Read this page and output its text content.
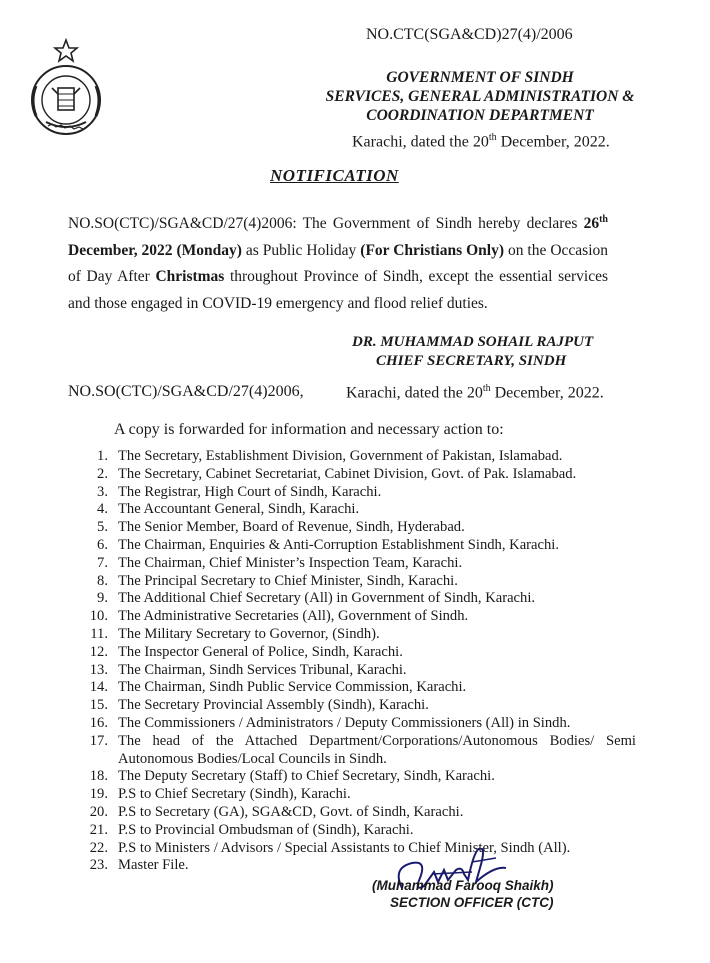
NO.CTC(SGA&CD)27(4)/2006
GOVERNMENT OF SINDH
SERVICES, GENERAL ADMINISTRATION &
COORDINATION DEPARTMENT
Karachi, dated the 20th December, 2022.
NOTIFICATION
NO.SO(CTC)/SGA&CD/27(4)2006: The Government of Sindh hereby declares 26th December, 2022 (Monday) as Public Holiday (For Christians Only) on the Occasion of Day After Christmas throughout Province of Sindh, except the essential services and those engaged in COVID-19 emergency and flood relief duties.
DR. MUHAMMAD SOHAIL RAJPUT
CHIEF SECRETARY, SINDH
NO.SO(CTC)/SGA&CD/27(4)2006,	Karachi, dated the 20th December, 2022.
A copy is forwarded for information and necessary action to:
1. The Secretary, Establishment Division, Government of Pakistan, Islamabad.
2. The Secretary, Cabinet Secretariat, Cabinet Division, Govt. of Pak. Islamabad.
3. The Registrar, High Court of Sindh, Karachi.
4. The Accountant General, Sindh, Karachi.
5. The Senior Member, Board of Revenue, Sindh, Hyderabad.
6. The Chairman, Enquiries & Anti-Corruption Establishment Sindh, Karachi.
7. The Chairman, Chief Minister’s Inspection Team, Karachi.
8. The Principal Secretary to Chief Minister, Sindh, Karachi.
9. The Additional Chief Secretary (All) in Government of Sindh, Karachi.
10. The Administrative Secretaries (All), Government of Sindh.
11. The Military Secretary to Governor, (Sindh).
12. The Inspector General of Police, Sindh, Karachi.
13. The Chairman, Sindh Services Tribunal, Karachi.
14. The Chairman, Sindh Public Service Commission, Karachi.
15. The Secretary Provincial Assembly (Sindh), Karachi.
16. The Commissioners / Administrators / Deputy Commissioners (All) in Sindh.
17. The head of the Attached Department/Corporations/Autonomous Bodies/ Semi Autonomous Bodies/Local Councils in Sindh.
18. The Deputy Secretary (Staff) to Chief Secretary, Sindh, Karachi.
19. P.S to Chief Secretary (Sindh), Karachi.
20. P.S to Secretary (GA), SGA&CD, Govt. of Sindh, Karachi.
21. P.S to Provincial Ombudsman of (Sindh), Karachi.
22. P.S to Ministers / Advisors / Special Assistants to Chief Minister, Sindh (All).
23. Master File.
(Muhammad Farooq Shaikh)
SECTION OFFICER (CTC)
